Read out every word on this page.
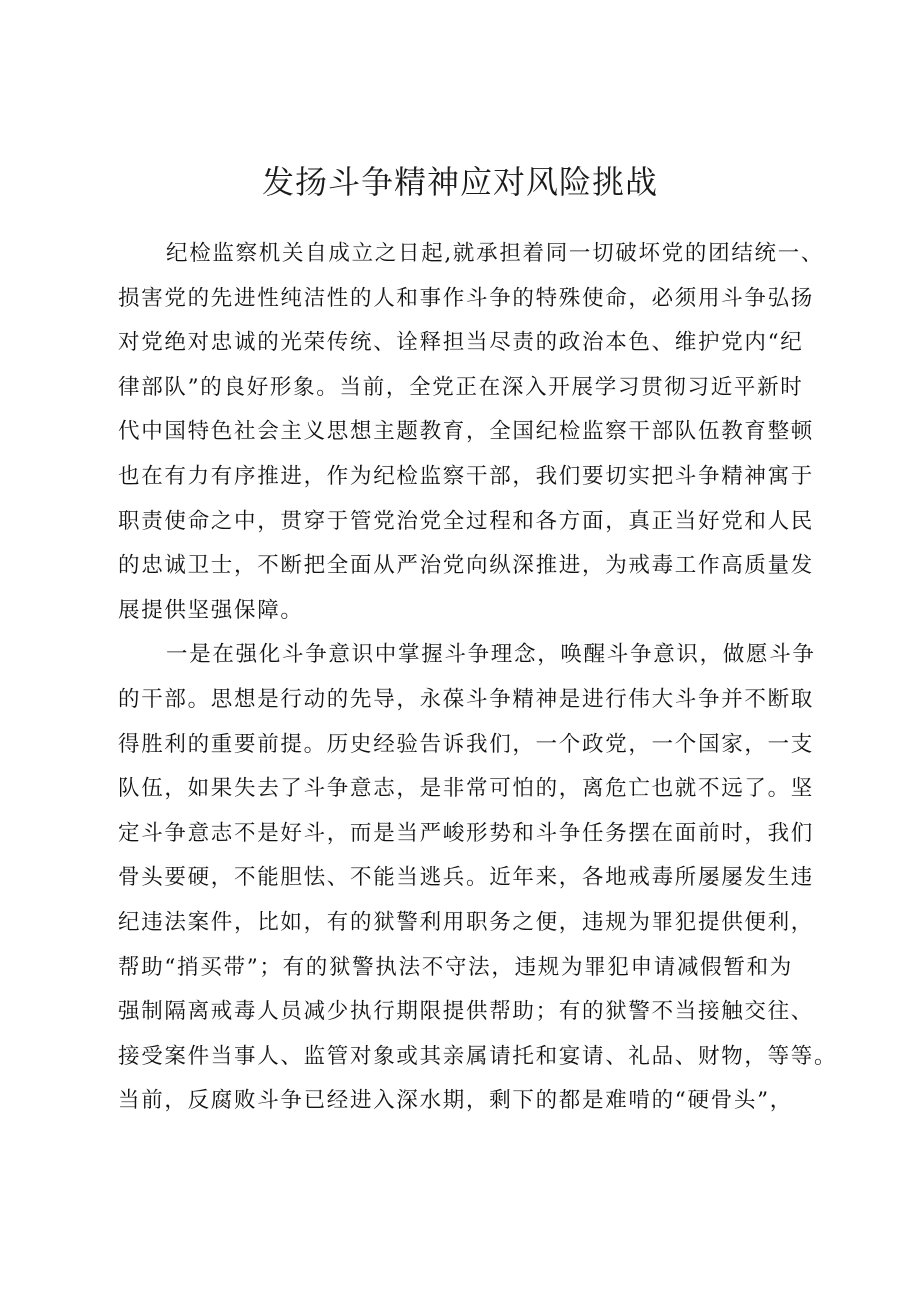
发扬斗争精神应对风险挑战
纪检监察机关自成立之日起,就承担着同一切破坏党的团结统一、
损害党的先进性纯洁性的人和事作斗争的特殊使命，必须用斗争弘扬
对党绝对忠诚的光荣传统、诠释担当尽责的政治本色、维护党内“纪
律部队”的良好形象。当前，全党正在深入开展学习贯彻习近平新时
代中国特色社会主义思想主题教育，全国纪检监察干部队伍教育整顿
也在有力有序推进，作为纪检监察干部，我们要切实把斗争精神寓于
职责使命之中，贯穿于管党治党全过程和各方面，真正当好党和人民
的忠诚卫士，不断把全面从严治党向纵深推进，为戒毒工作高质量发
展提供坚强保障。
一是在强化斗争意识中掌握斗争理念，唤醒斗争意识，做愿斗争
的干部。思想是行动的先导，永葆斗争精神是进行伟大斗争并不断取
得胜利的重要前提。历史经验告诉我们，一个政党，一个国家，一支
队伍，如果失去了斗争意志，是非常可怕的，离危亡也就不远了。坚
定斗争意志不是好斗，而是当严峻形势和斗争任务摆在面前时，我们
骨头要硬，不能胆怯、不能当逃兵。近年来，各地戒毒所屡屡发生违
纪违法案件，比如，有的狱警利用职务之便，违规为罪犯提供便利，
帮助“捎买带”；有的狱警执法不守法，违规为罪犯申请减假暂和为
强制隔离戒毒人员减少执行期限提供帮助；有的狱警不当接触交往、
接受案件当事人、监管对象或其亲属请托和宴请、礼品、财物，等等。
当前，反腐败斗争已经进入深水期，剩下的都是难啃的“硬骨头”，
